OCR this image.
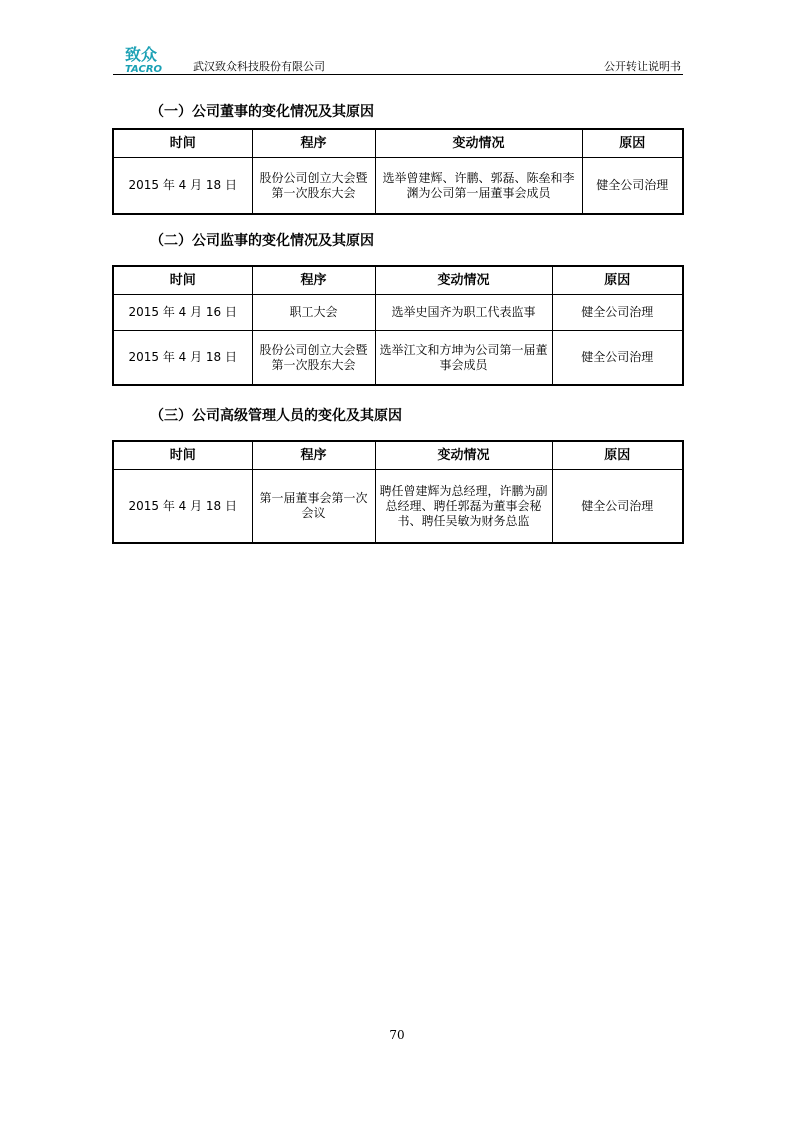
致众
TACRO	武汉致众科技股份有限公司	公开转让说明书
（一）公司董事的变化情况及其原因
时间	程序	变动情况	原因
2015 年 4 月 18 日	股份公司创立大会暨第一次股东大会	选举曾建辉、许鹏、郭磊、陈垒和李渊为公司第一届董事会成员	健全公司治理
（二）公司监事的变化情况及其原因
时间	程序	变动情况	原因
2015 年 4 月 16 日	职工大会	选举史国齐为职工代表监事	健全公司治理
2015 年 4 月 18 日	股份公司创立大会暨第一次股东大会	选举江文和方坤为公司第一届董事会成员	健全公司治理
（三）公司高级管理人员的变化及其原因
时间	程序	变动情况	原因
2015 年 4 月 18 日	第一届董事会第一次会议	聘任曾建辉为总经理，许鹏为副总经理、聘任郭磊为董事会秘书、聘任吴敏为财务总监	健全公司治理
70
